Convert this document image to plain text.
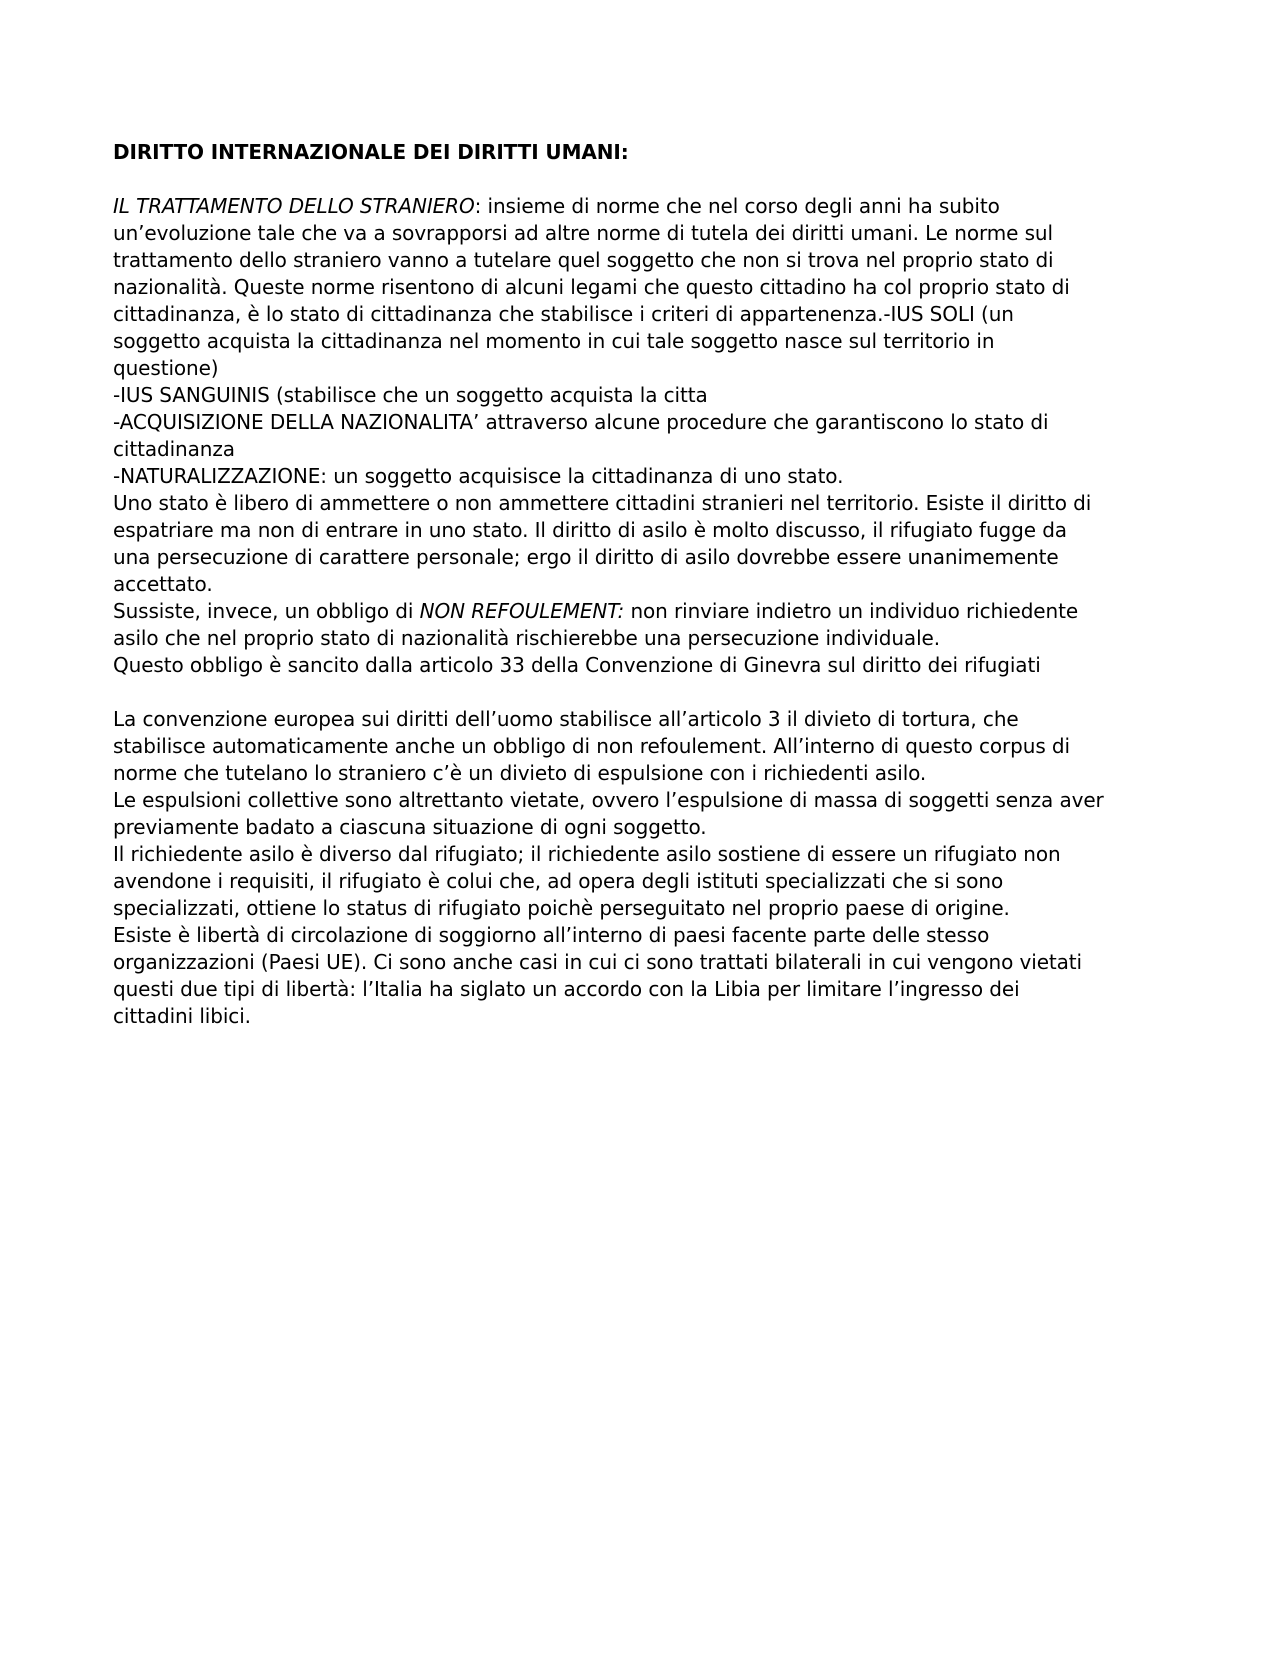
DIRITTO INTERNAZIONALE DEI DIRITTI UMANI:
IL TRATTAMENTO DELLO STRANIERO: insieme di norme che nel corso degli anni ha subito un’evoluzione tale che va a sovrapporsi ad altre norme di tutela dei diritti umani. Le norme sul trattamento dello straniero vanno a tutelare quel soggetto che non si trova nel proprio stato di nazionalità. Queste norme risentono di alcuni legami che questo cittadino ha col proprio stato di cittadinanza, è lo stato di cittadinanza che stabilisce i criteri di appartenenza.-IUS SOLI (un soggetto acquista la cittadinanza nel momento in cui tale soggetto nasce sul territorio in questione)
-IUS SANGUINIS (stabilisce che un soggetto acquista la citta
-ACQUISIZIONE DELLA NAZIONALITA’ attraverso alcune procedure che garantiscono lo stato di cittadinanza
-NATURALIZZAZIONE: un soggetto acquisisce la cittadinanza di uno stato.
Uno stato è libero di ammettere o non ammettere cittadini stranieri nel territorio. Esiste il diritto di espatriare ma non di entrare in uno stato. Il diritto di asilo è molto discusso, il rifugiato fugge da una persecuzione di carattere personale; ergo il diritto di asilo dovrebbe essere unanimemente accettato.
Sussiste, invece, un obbligo di NON REFOULEMENT: non rinviare indietro un individuo richiedente asilo che nel proprio stato di nazionalità rischierebbe una persecuzione individuale.
Questo obbligo è sancito dalla articolo 33 della Convenzione di Ginevra sul diritto dei rifugiati
La convenzione europea sui diritti dell’uomo stabilisce all’articolo 3 il divieto di tortura, che stabilisce automaticamente anche un obbligo di non refoulement. All’interno di questo corpus di norme che tutelano lo straniero c’è un divieto di espulsione con i richiedenti asilo.
Le espulsioni collettive sono altrettanto vietate, ovvero l’espulsione di massa di soggetti senza aver previamente badato a ciascuna situazione di ogni soggetto.
Il richiedente asilo è diverso dal rifugiato; il richiedente asilo sostiene di essere un rifugiato non avendone i requisiti, il rifugiato è colui che, ad opera degli istituti specializzati che si sono specializzati, ottiene lo status di rifugiato poichè perseguitato nel proprio paese di origine.
Esiste è libertà di circolazione di soggiorno all’interno di paesi facente parte delle stesso organizzazioni (Paesi UE). Ci sono anche casi in cui ci sono trattati bilaterali in cui vengono vietati questi due tipi di libertà: l’Italia ha siglato un accordo con la Libia per limitare l’ingresso dei cittadini libici.
